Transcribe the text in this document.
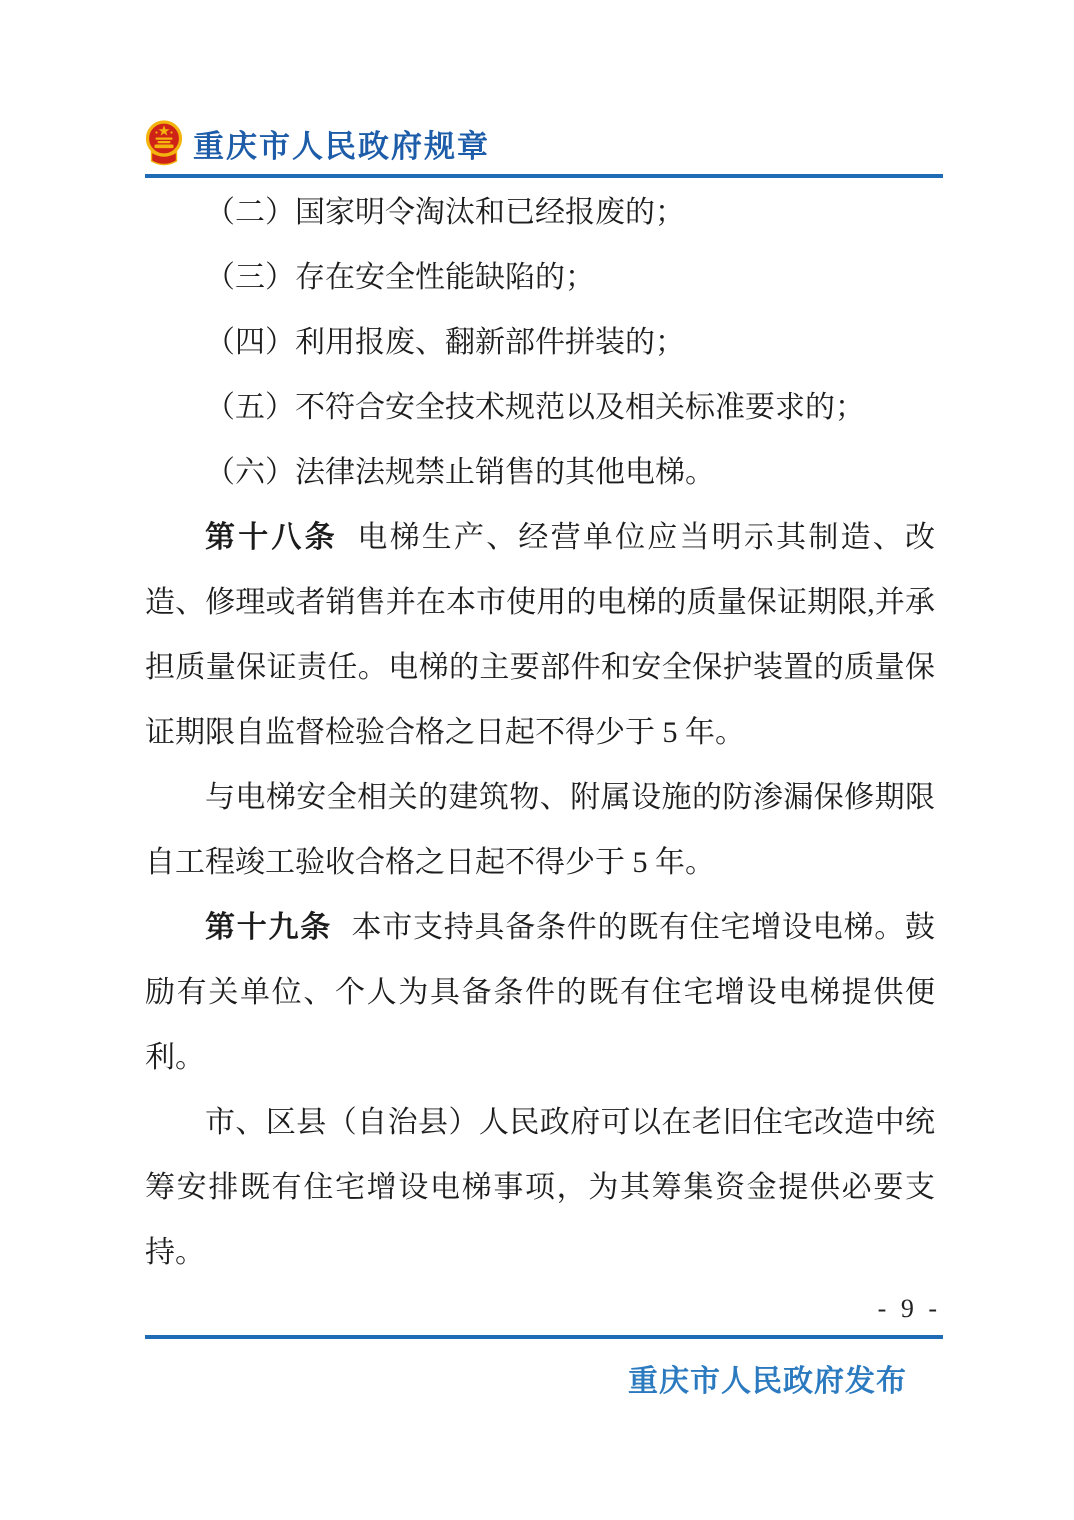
重庆市人民政府规章

（二）国家明令淘汰和已经报废的；

（三）存在安全性能缺陷的；

（四）利用报废、翻新部件拼装的；

（五）不符合安全技术规范以及相关标准要求的；

（六）法律法规禁止销售的其他电梯。

第十八条 电梯生产、经营单位应当明示其制造、改造、修理或者销售并在本市使用的电梯的质量保证期限,并承担质量保证责任。电梯的主要部件和安全保护装置的质量保证期限自监督检验合格之日起不得少于 5 年。

与电梯安全相关的建筑物、附属设施的防渗漏保修期限自工程竣工验收合格之日起不得少于 5 年。

第十九条 本市支持具备条件的既有住宅增设电梯。鼓励有关单位、个人为具备条件的既有住宅增设电梯提供便利。

市、区县（自治县）人民政府可以在老旧住宅改造中统筹安排既有住宅增设电梯事项，为其筹集资金提供必要支持。

- 9 -
重庆市人民政府发布
